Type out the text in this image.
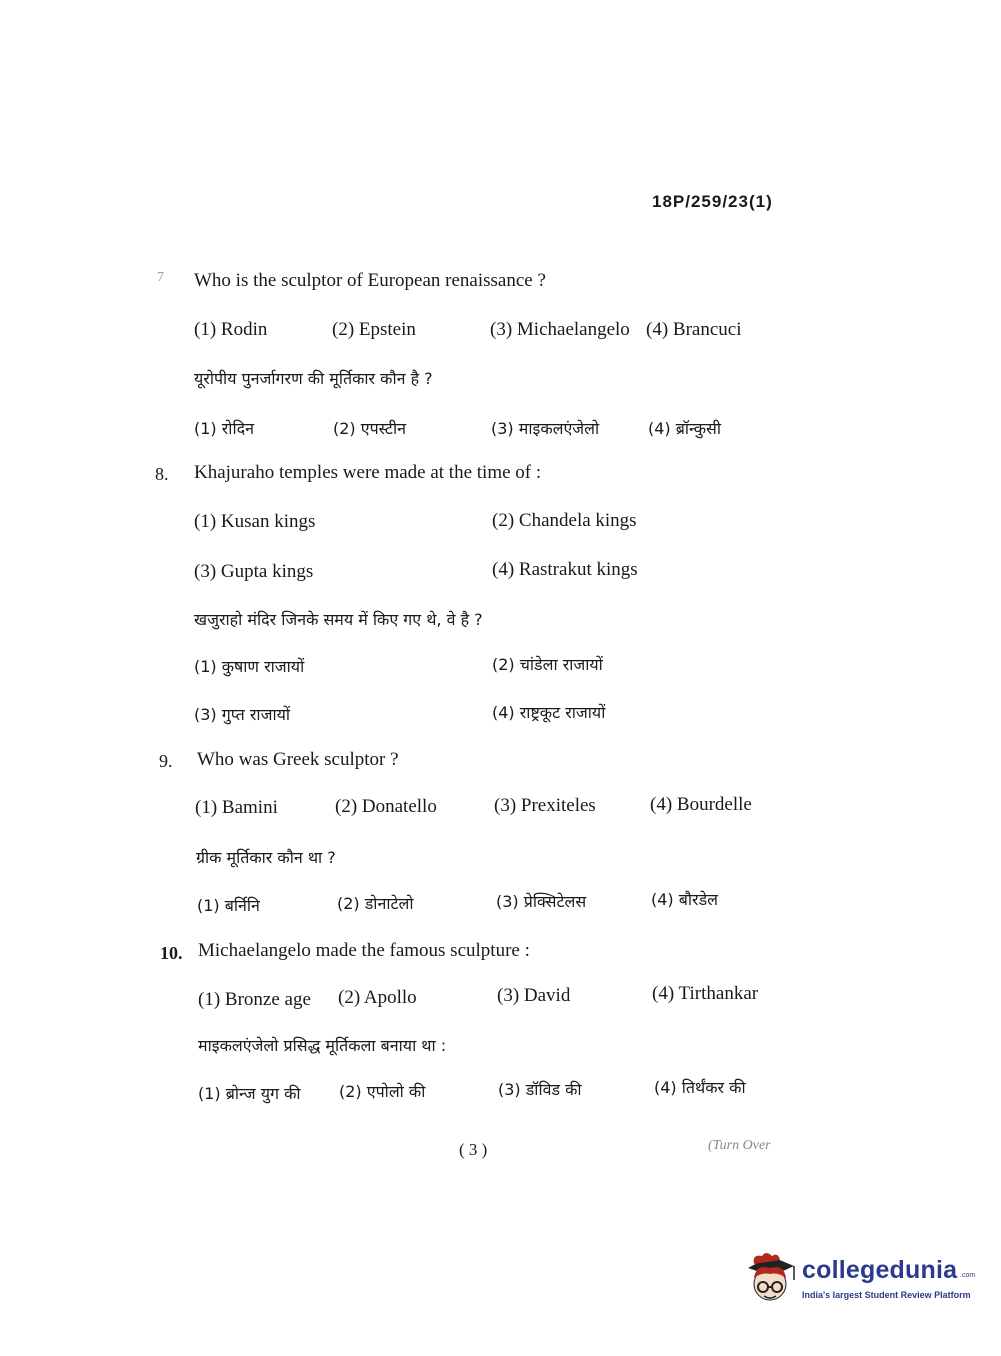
18P/259/23(1)
7 Who is the sculptor of European renaissance ?
(1) Rodin	(2) Epstein	(3) Michaelangelo (4) Brancuci
यूरोपीय पुनर्जागरण की मूर्तिकार कौन है ?
(1) रोदिन	(2) एपस्टीन	(3) माइकलएंजेलो	(4) ब्रॉन्कुसी
8. Khajuraho temples were made at the time of :
(1) Kusan kings	(2) Chandela kings
(3) Gupta kings	(4) Rastrakut kings
खजुराहो मंदिर जिनके समय में किए गए थे, वे है ?
(1) कुषाण राजायों	(2) चांडेला राजायों
(3) गुप्त राजायों	(4) राष्ट्रकूट राजायों
9. Who was Greek sculptor ?
(1) Bamini	(2) Donatello	(3) Prexiteles	(4) Bourdelle
ग्रीक मूर्तिकार कौन था ?
(1) बर्निनि	(2) डोनाटेलो	(3) प्रेक्सिटेलस	(4) बौरडेल
10. Michaelangelo made the famous sculpture :
(1) Bronze age (2) Apollo	(3) David	(4) Tirthankar
माइकलएंजेलो प्रसिद्ध मूर्तिकला बनाया था :
(1) ब्रोन्ज युग की (2) एपोलो की	(3) डॉविड की	(4) तिर्थंकर की
( 3 )	(Turn Over
collegedunia .com
India's largest Student Review Platform
